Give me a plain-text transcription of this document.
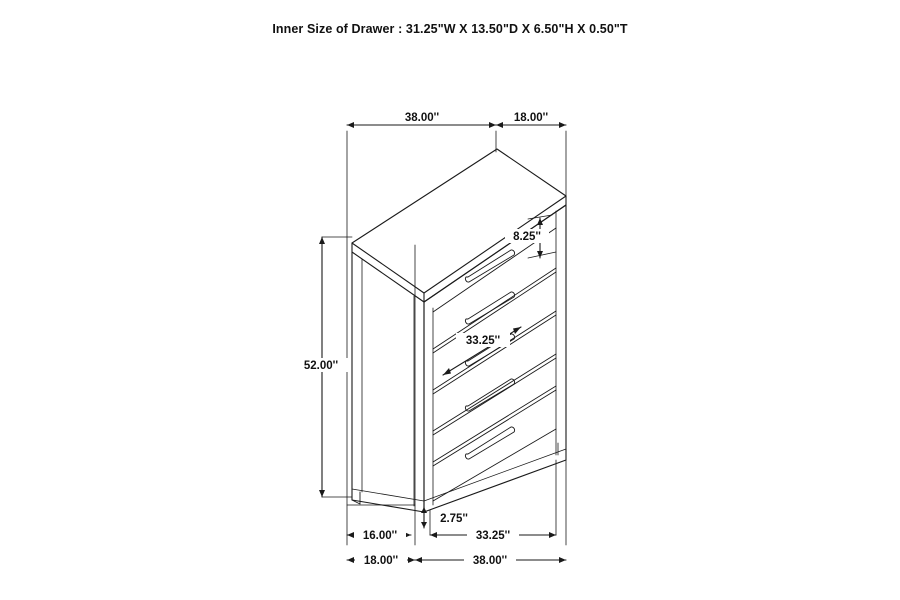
Inner Size of Drawer : 31.25"W X 13.50"D X 6.50"H X 0.50"T
38.00''	18.00''
8.25''
52.00''
33.25''
2.75''
16.00''	33.25''
18.00''	38.00''
